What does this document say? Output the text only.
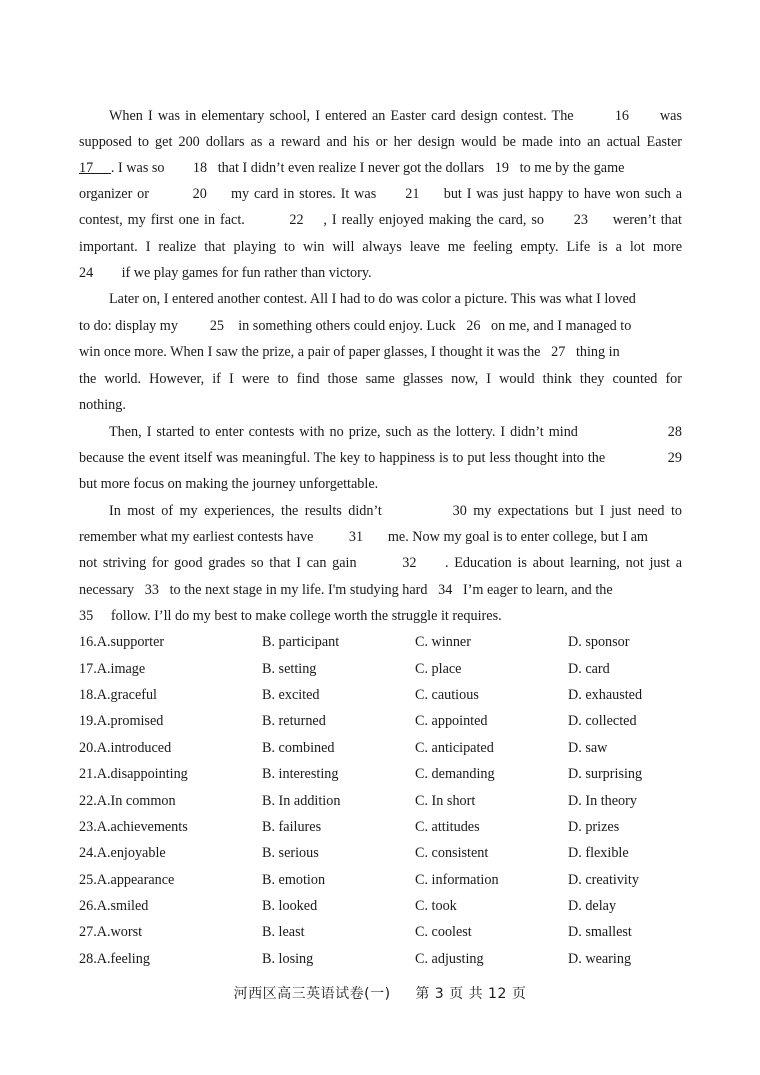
When I was in elementary school, I entered an Easter card design contest. The        16      was
supposed to get 200 dollars as a reward and his or her design would be made into an actual Easter
17     . I was so        18   that I didn’t even realize I never got the dollars   19   to me by the game
organizer or         20     my card in stores. It was      21     but I was just happy to have won such a
contest, my first one in fact.         22    , I really enjoyed making the card, so      23     weren’t that
important. I realize that playing to win will always leave me feeling empty. Life is a lot more
24        if we play games for fun rather than victory.
Later on, I entered another contest. All I had to do was color a picture. This was what I loved
to do: display my         25    in something others could enjoy. Luck   26   on me, and I managed to
win once more. When I saw the prize, a pair of paper glasses, I thought it was the   27   thing in
the world. However, if I were to find those same glasses now, I would think they counted for
nothing.
Then, I started to enter contests with no prize, such as the lottery. I didn’t mind                  28
because the event itself was meaningful. The key to happiness is to put less thought into the                29
but more focus on making the journey unforgettable.
In most of my experiences, the results didn’t           30 my expectations but I just need to
remember what my earliest contests have          31       me. Now my goal is to enter college, but I am
not striving for good grades so that I can gain        32     . Education is about learning, not just a
necessary   33   to the next stage in my life. I'm studying hard   34   I’m eager to learn, and the
35     follow. I’ll do my best to make college worth the struggle it requires.
16.A.supporter	B. participant	C. winner	D. sponsor
17.A.image	B. setting	C. place	D. card
18.A.graceful	B. excited	C. cautious	D. exhausted
19.A.promised	B. returned	C. appointed	D. collected
20.A.introduced	B. combined	C. anticipated	D. saw
21.A.disappointing	B. interesting	C. demanding	D. surprising
22.A.In common	B. In addition	C. In short	D. In theory
23.A.achievements	B. failures	C. attitudes	D. prizes
24.A.enjoyable	B. serious	C. consistent	D. flexible
25.A.appearance	B. emotion	C. information	D. creativity
26.A.smiled	B. looked	C. took	D. delay
27.A.worst	B. least	C. coolest	D. smallest
28.A.feeling	B. losing	C. adjusting	D. wearing
河西区高三英语试卷(一)     第 3 页 共 12 页
